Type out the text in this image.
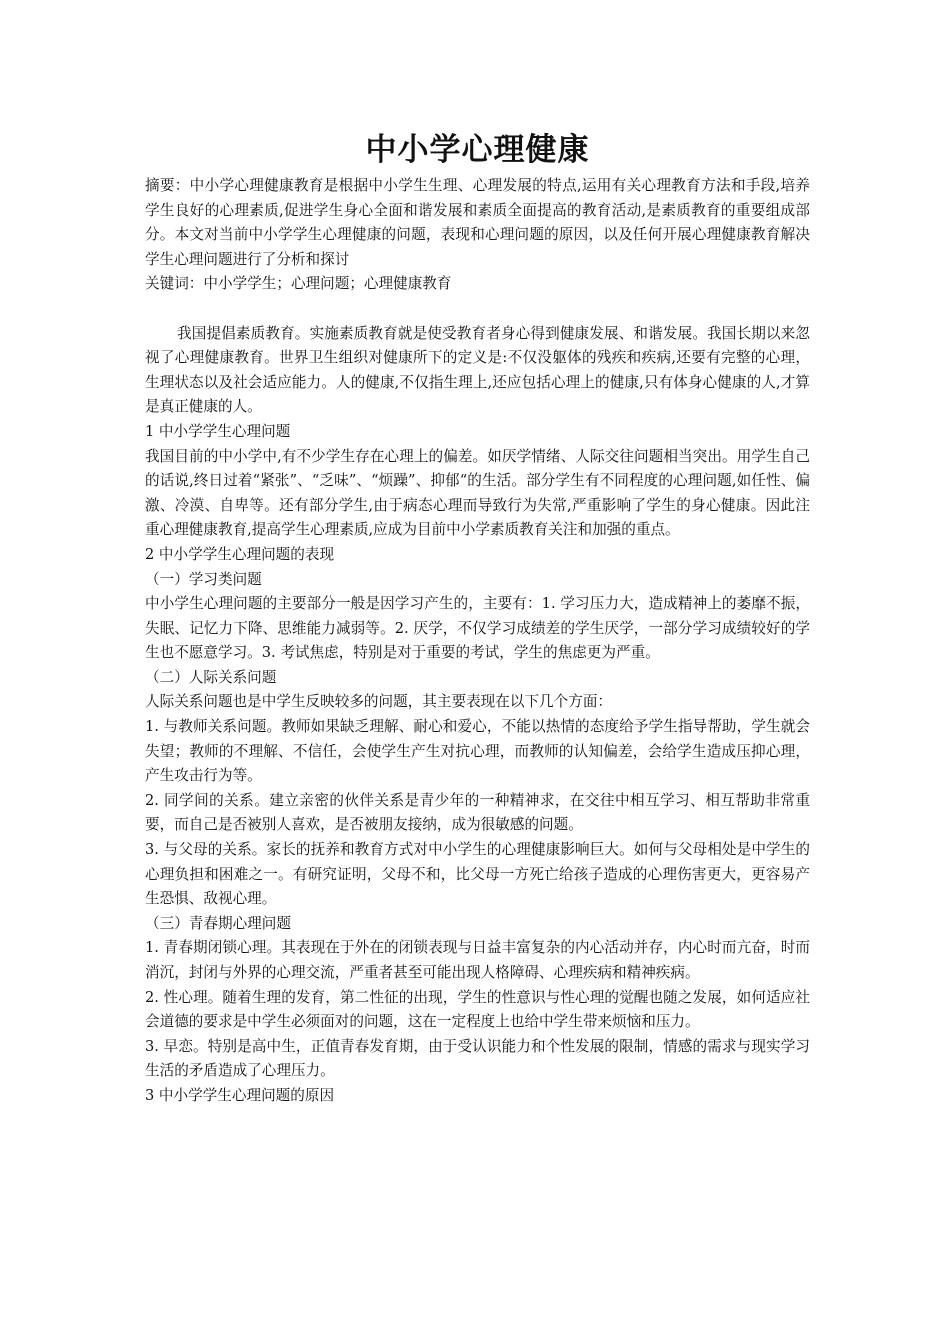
中小学心理健康

摘要：中小学心理健康教育是根据中小学生生理、心理发展的特点,运用有关心理教育方法和手段,培养学生良好的心理素质,促进学生身心全面和谐发展和素质全面提高的教育活动,是素质教育的重要组成部分。本文对当前中小学学生心理健康的问题，表现和心理问题的原因，以及任何开展心理健康教育解决学生心理问题进行了分析和探讨

关键词：中小学学生；心理问题；心理健康教育

我国提倡素质教育。实施素质教育就是使受教育者身心得到健康发展、和谐发展。我国长期以来忽视了心理健康教育。世界卫生组织对健康所下的定义是:不仅没躯体的残疾和疾病,还要有完整的心理，生理状态以及社会适应能力。人的健康,不仅指生理上,还应包括心理上的健康,只有体身心健康的人,才算是真正健康的人。

1 中小学学生心理问题

我国目前的中小学中,有不少学生存在心理上的偏差。如厌学情绪、人际交往问题相当突出。用学生自己的话说,终日过着“紧张”、“乏味”、“烦躁”、抑郁“的生活。部分学生有不同程度的心理问题,如任性、偏激、冷漠、自卑等。还有部分学生,由于病态心理而导致行为失常,严重影响了学生的身心健康。因此注重心理健康教育,提高学生心理素质,应成为目前中小学素质教育关注和加强的重点。

2 中小学学生心理问题的表现

（一）学习类问题

中小学生心理问题的主要部分一般是因学习产生的，主要有：1. 学习压力大，造成精神上的萎靡不振，失眠、记忆力下降、思维能力减弱等。2. 厌学，不仅学习成绩差的学生厌学，一部分学习成绩较好的学生也不愿意学习。3. 考试焦虑，特别是对于重要的考试，学生的焦虑更为严重。

（二）人际关系问题

人际关系问题也是中学生反映较多的问题，其主要表现在以下几个方面：

1. 与教师关系问题。教师如果缺乏理解、耐心和爱心，不能以热情的态度给予学生指导帮助，学生就会失望；教师的不理解、不信任，会使学生产生对抗心理，而教师的认知偏差，会给学生造成压抑心理，产生攻击行为等。

2. 同学间的关系。建立亲密的伙伴关系是青少年的一种精神求，在交往中相互学习、相互帮助非常重要，而自己是否被别人喜欢，是否被朋友接纳，成为很敏感的问题。

3. 与父母的关系。家长的抚养和教育方式对中小学生的心理健康影响巨大。如何与父母相处是中学生的心理负担和困难之一。有研究证明，父母不和，比父母一方死亡给孩子造成的心理伤害更大，更容易产生恐惧、敌视心理。

（三）青春期心理问题

1. 青春期闭锁心理。其表现在于外在的闭锁表现与日益丰富复杂的内心活动并存，内心时而亢奋，时而消沉，封闭与外界的心理交流，严重者甚至可能出现人格障碍、心理疾病和精神疾病。

2. 性心理。随着生理的发育，第二性征的出现，学生的性意识与性心理的觉醒也随之发展，如何适应社会道德的要求是中学生必须面对的问题，这在一定程度上也给中学生带来烦恼和压力。

3. 早恋。特别是高中生，正值青春发育期，由于受认识能力和个性发展的限制，情感的需求与现实学习生活的矛盾造成了心理压力。

3 中小学学生心理问题的原因
